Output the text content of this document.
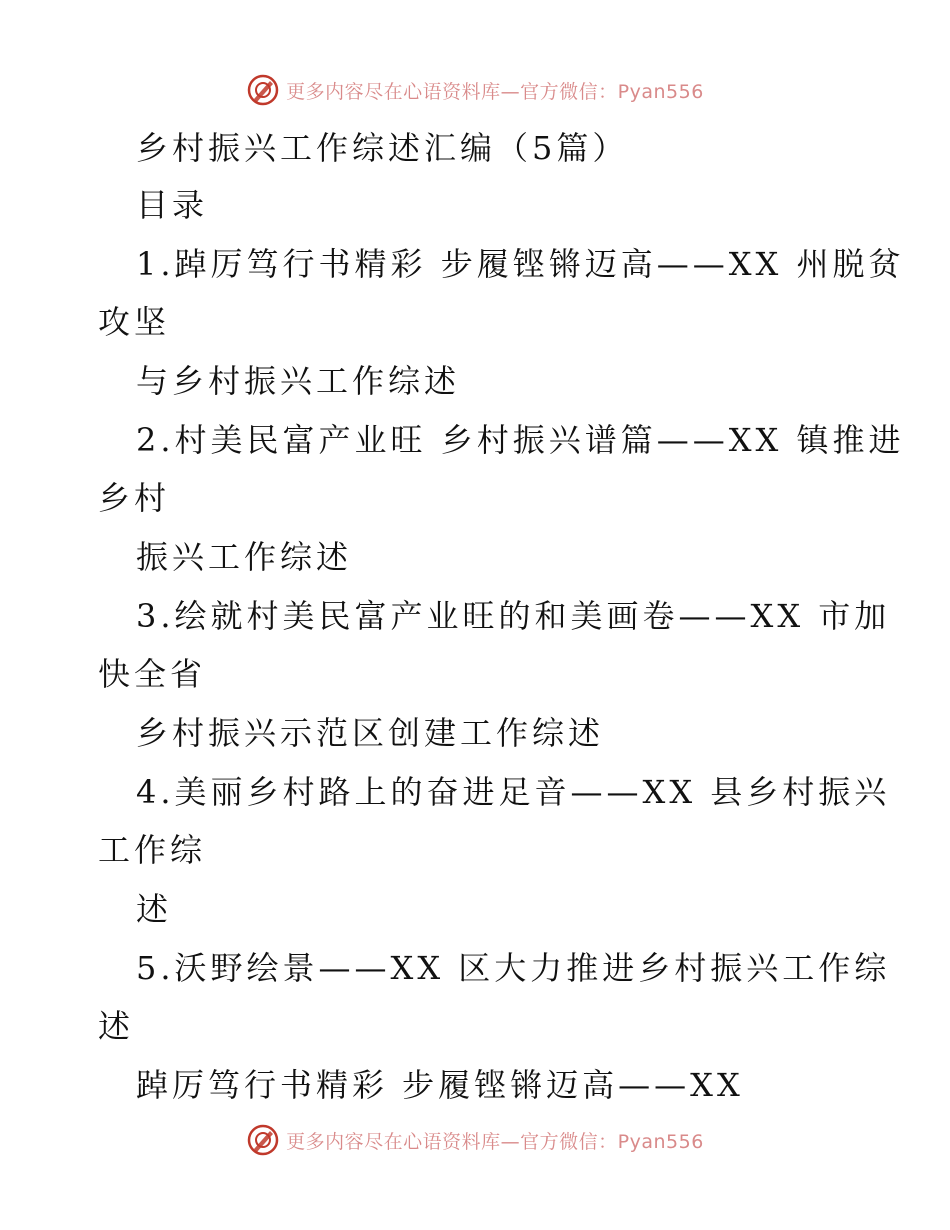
更多内容尽在心语资料库—官方微信：Pyan556
乡村振兴工作综述汇编（5篇）
目录
1.踔厉笃行书精彩 步履铿锵迈高——XX 州脱贫
攻坚
与乡村振兴工作综述
2.村美民富产业旺 乡村振兴谱篇——XX 镇推进
乡村
振兴工作综述
3.绘就村美民富产业旺的和美画卷——XX 市加
快全省
乡村振兴示范区创建工作综述
4.美丽乡村路上的奋进足音——XX 县乡村振兴
工作综
述
5.沃野绘景——XX 区大力推进乡村振兴工作综
述
踔厉笃行书精彩 步履铿锵迈高——XX
更多内容尽在心语资料库—官方微信：Pyan556
